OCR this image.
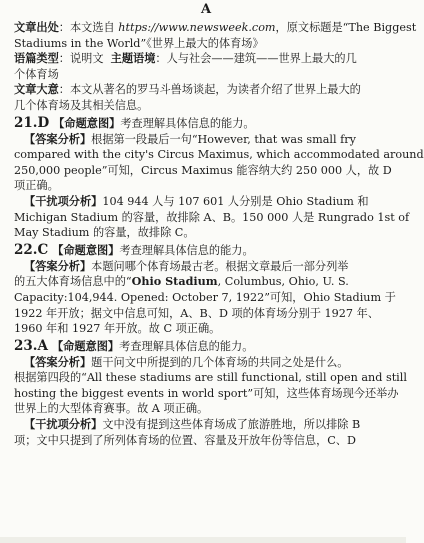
A
文章出处：本文选自 https://www.newsweek.com，原文标题是“The Biggest
Stadiums in the World”《世界上最大的体育场》
语篇类型：说明文 主题语境：人与社会——建筑——世界上最大的几
个体育场
文章大意：本文从著名的罗马斗兽场谈起，为读者介绍了世界上最大的
几个体育场及其相关信息。
21.D 【命题意图】考查理解具体信息的能力。
【答案分析】根据第一段最后一句“However, that was small fry
compared with the city's Circus Maximus, which accommodated around
250,000 people”可知，Circus Maximus 能容纳大约 250 000 人，故 D
项正确。
【干扰项分析】104 944 人与 107 601 人分别是 Ohio Stadium 和
Michigan Stadium 的容量，故排除 A、B。150 000 人是 Rungrado 1st of
May Stadium 的容量，故排除 C。
22.C 【命题意图】考查理解具体信息的能力。
【答案分析】本题问哪个体育场最古老。根据文章最后一部分列举
的五大体育场信息中的“Ohio Stadium, Columbus, Ohio, U. S.
Capacity:104,944. Opened: October 7, 1922”可知，Ohio Stadium 于
1922 年开放；据文中信息可知，A、B、D 项的体育场分别于 1927 年、
1960 年和 1927 年开放。故 C 项正确。
23.A 【命题意图】考查理解具体信息的能力。
【答案分析】题干问文中所提到的几个体育场的共同之处是什么。
根据第四段的“All these stadiums are still functional, still open and still
hosting the biggest events in world sport”可知，这些体育场现今还举办
世界上的大型体育赛事。故 A 项正确。
【干扰项分析】文中没有提到这些体育场成了旅游胜地，所以排除 B
项；文中只提到了所列体育场的位置、容量及开放年份等信息，C、D
